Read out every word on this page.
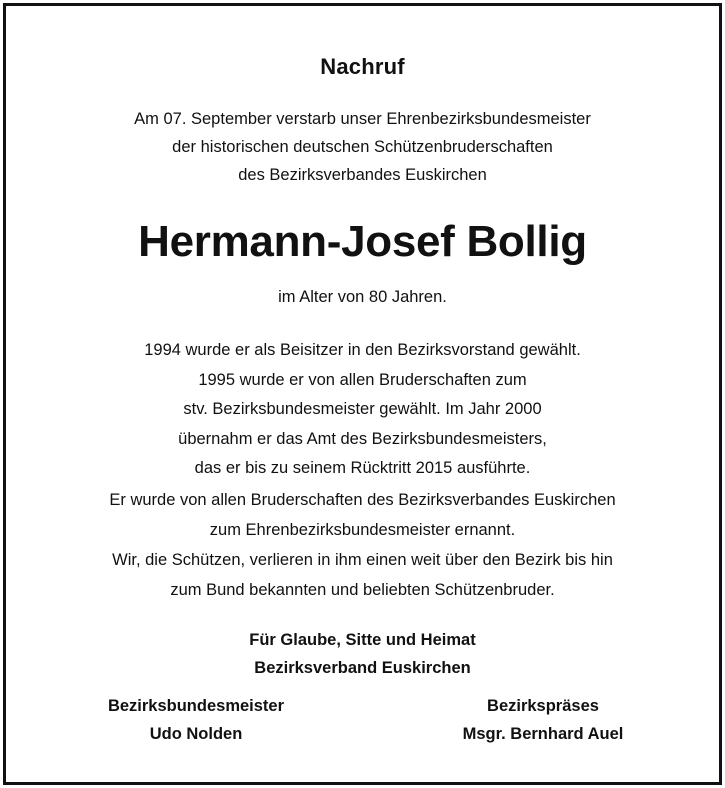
Nachruf
Am 07. September verstarb unser Ehrenbezirksbundesmeister
der historischen deutschen Schützenbruderschaften
des Bezirksverbandes Euskirchen
Hermann-Josef Bollig
im Alter von 80 Jahren.
1994 wurde er als Beisitzer in den Bezirksvorstand gewählt.
1995 wurde er von allen Bruderschaften zum
stv. Bezirksbundesmeister gewählt. Im Jahr 2000
übernahm er das Amt des Bezirksbundesmeisters,
das er bis zu seinem Rücktritt 2015 ausführte.
Er wurde von allen Bruderschaften des Bezirksverbandes Euskirchen
zum Ehrenbezirksbundesmeister ernannt.
Wir, die Schützen, verlieren in ihm einen weit über den Bezirk bis hin
zum Bund bekannten und beliebten Schützenbruder.
Für Glaube, Sitte und Heimat
Bezirksverband Euskirchen
Bezirksbundesmeister
Udo Nolden
Bezirkspräses
Msgr. Bernhard Auel
